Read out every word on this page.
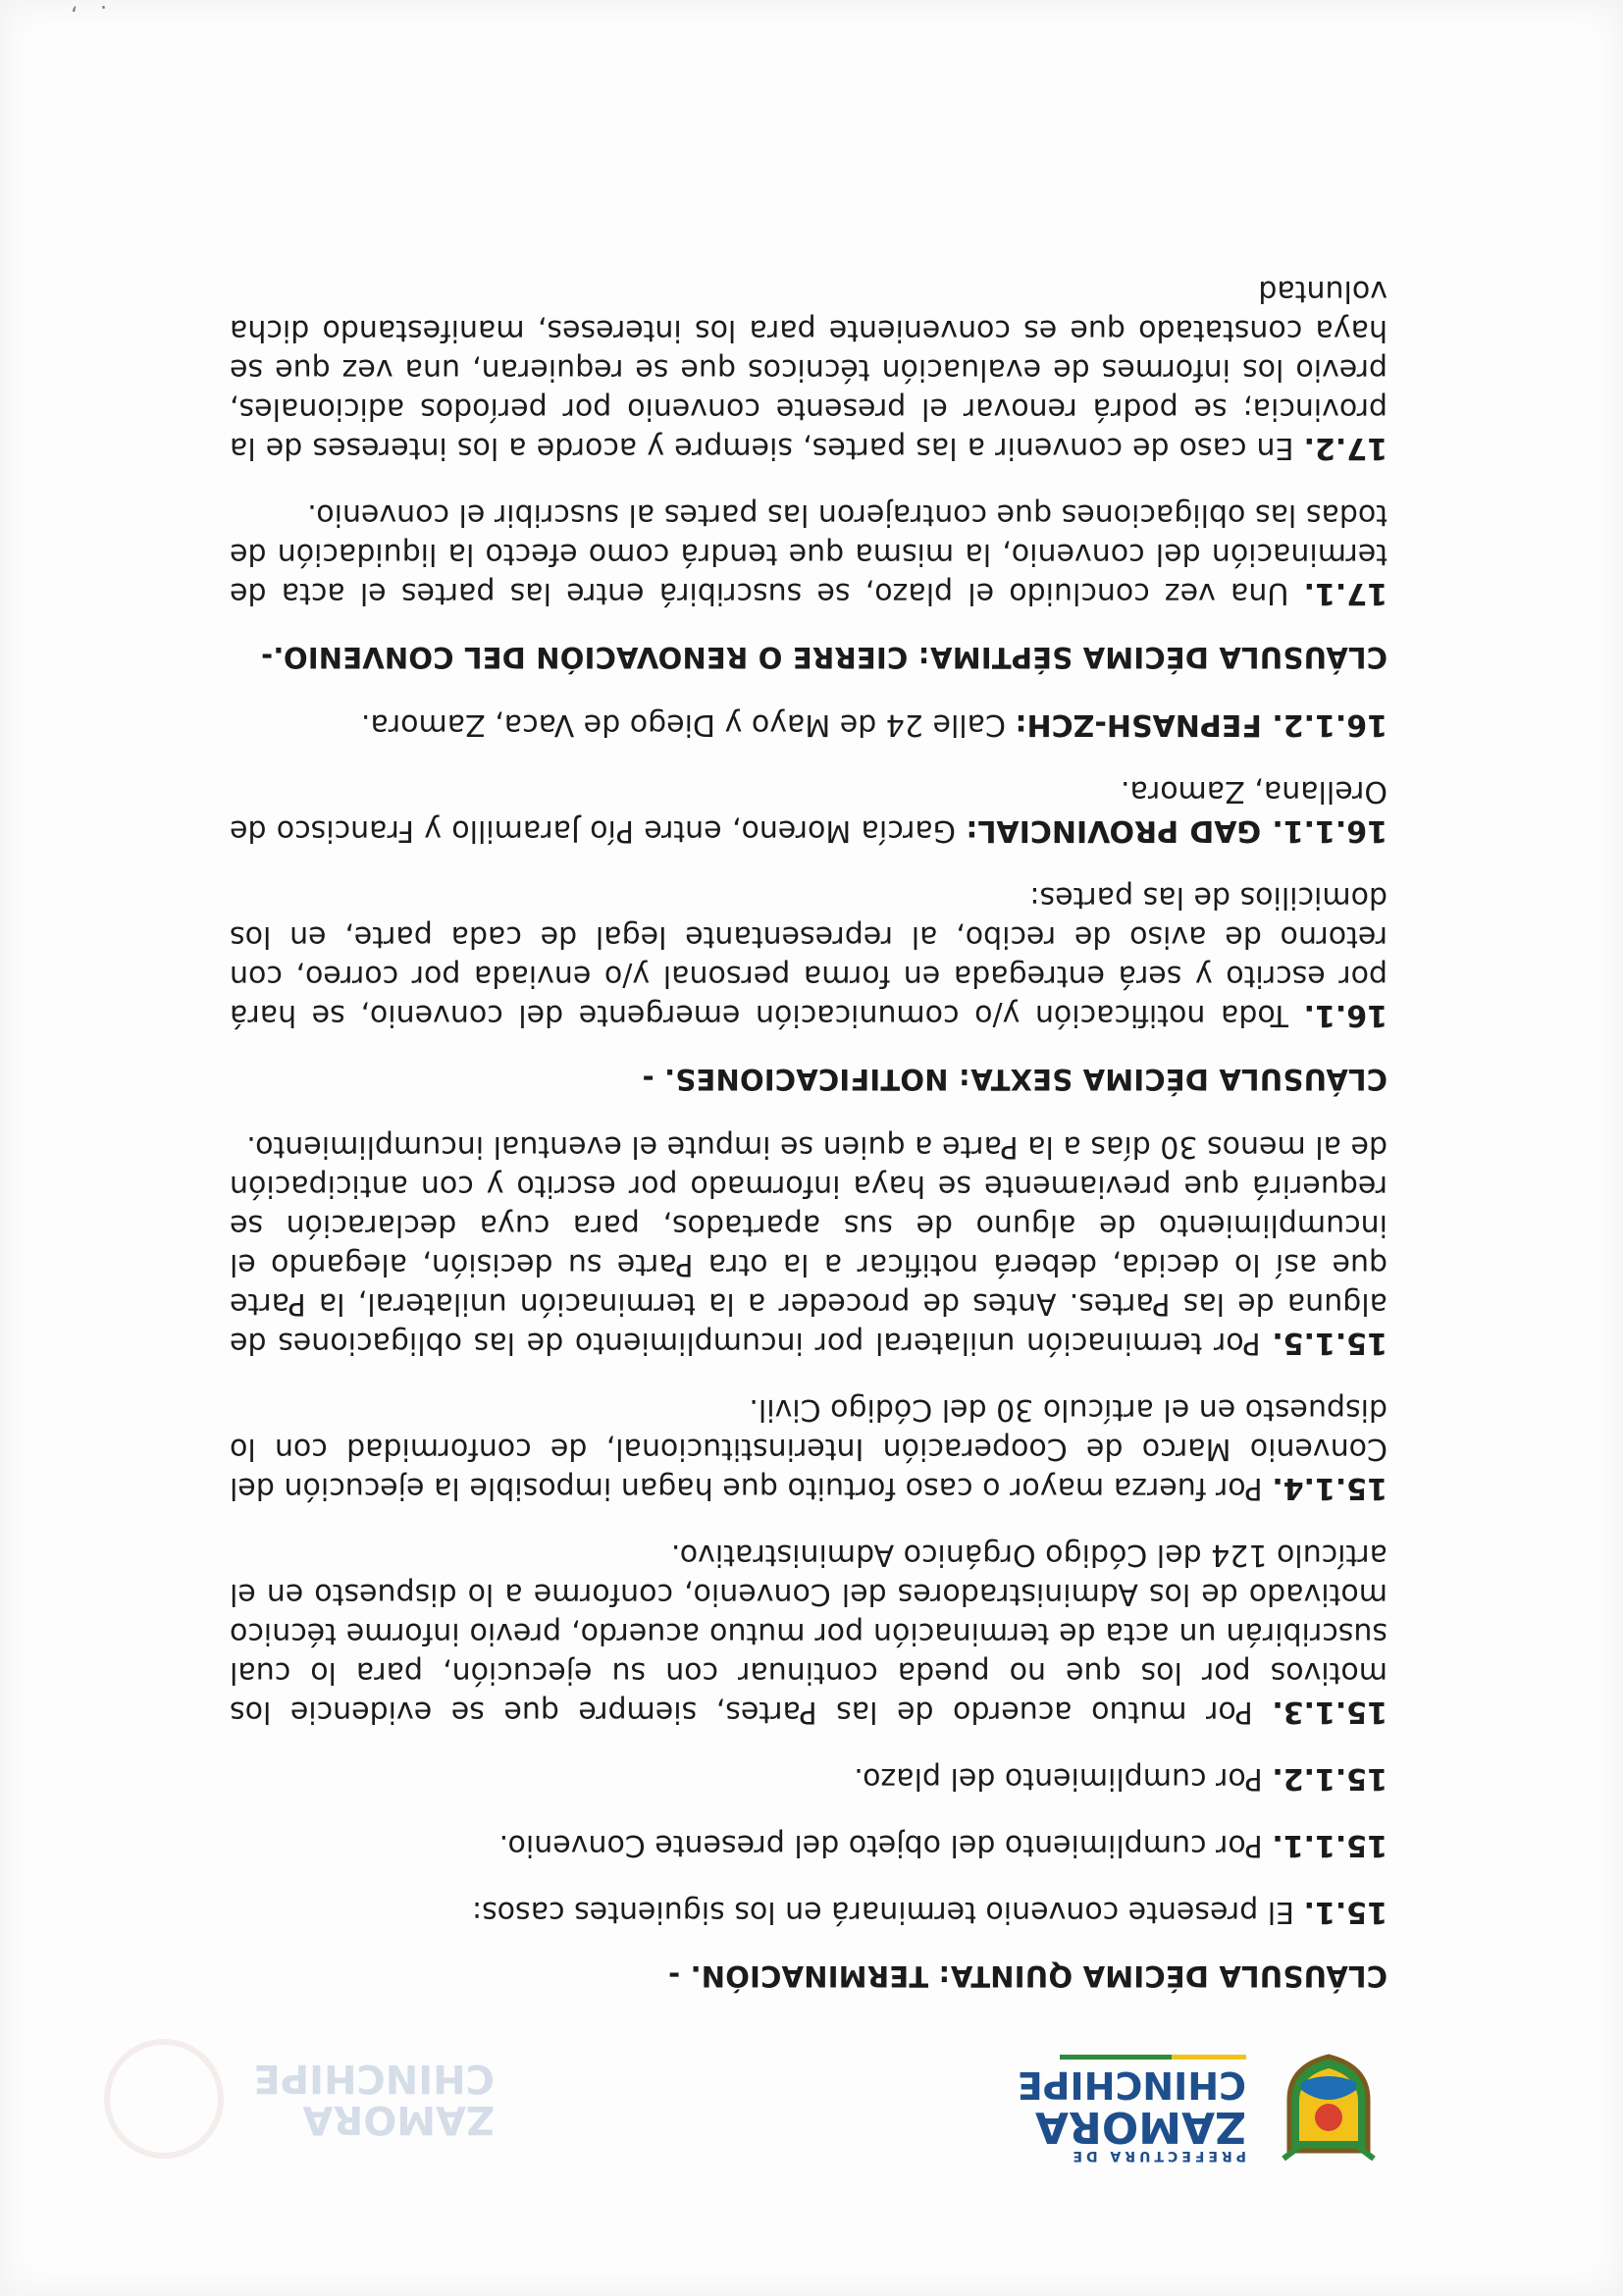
PREFECTURA DE
ZAMORA
CHINCHIPE
ZAMORA
CHINCHIPE
CLÁUSULA DÉCIMA QUINTA: TERMINACIÓN. -

15.1. El presente convenio terminará en los siguientes casos:

15.1.1. Por cumplimiento del objeto del presente Convenio.

15.1.2. Por cumplimiento del plazo.

15.1.3. Por mutuo acuerdo de las Partes, siempre que se evidencie los motivos por los que no pueda continuar con su ejecución, para lo cual suscribirán un acta de terminación por mutuo acuerdo, previo informe técnico motivado de los Administradores del Convenio, conforme a lo dispuesto en el artículo 124 del Código Orgánico Administrativo.

15.1.4. Por fuerza mayor o caso fortuito que hagan imposible la ejecución del Convenio Marco de Cooperación Interinstitucional, de conformidad con lo dispuesto en el artículo 30 del Código Civil.

15.1.5. Por terminación unilateral por incumplimiento de las obligaciones de alguna de las Partes. Antes de proceder a la terminación unilateral, la Parte que así lo decida, deberá notificar a la otra Parte su decisión, alegando el incumplimiento de alguno de sus apartados, para cuya declaración se requerirá que previamente se haya informado por escrito y con anticipación de al menos 30 días a la Parte a quien se impute el eventual incumplimiento.

CLÁUSULA DÉCIMA SEXTA: NOTIFICACIONES. -

16.1. Toda notificación y/o comunicación emergente del convenio, se hará por escrito y será entregada en forma personal y/o enviada por correo, con retorno de aviso de recibo, al representante legal de cada parte, en los domicilios de las partes:

16.1.1. GAD PROVINCIAL: García Moreno, entre Pío Jaramillo y Francisco de Orellana, Zamora.

16.1.2. FEPNASH-ZCH: Calle 24 de Mayo y Diego de Vaca, Zamora.

CLÁUSULA DÉCIMA SÉPTIMA: CIERRE O RENOVACIÓN DEL CONVENIO.-

17.1. Una vez concluido el plazo, se suscribirá entre las partes el acta de terminación del convenio, la misma que tendrá como efecto la liquidación de todas las obligaciones que contrajeron las partes al suscribir el convenio.

17.2. En caso de convenir a las partes, siempre y acorde a los intereses de la provincia; se podrá renovar el presente convenio por períodos adicionales, previo los informes de evaluación técnicos que se requieran, una vez que se haya constatado que es conveniente para los intereses, manifestando dicha voluntad

.
,
